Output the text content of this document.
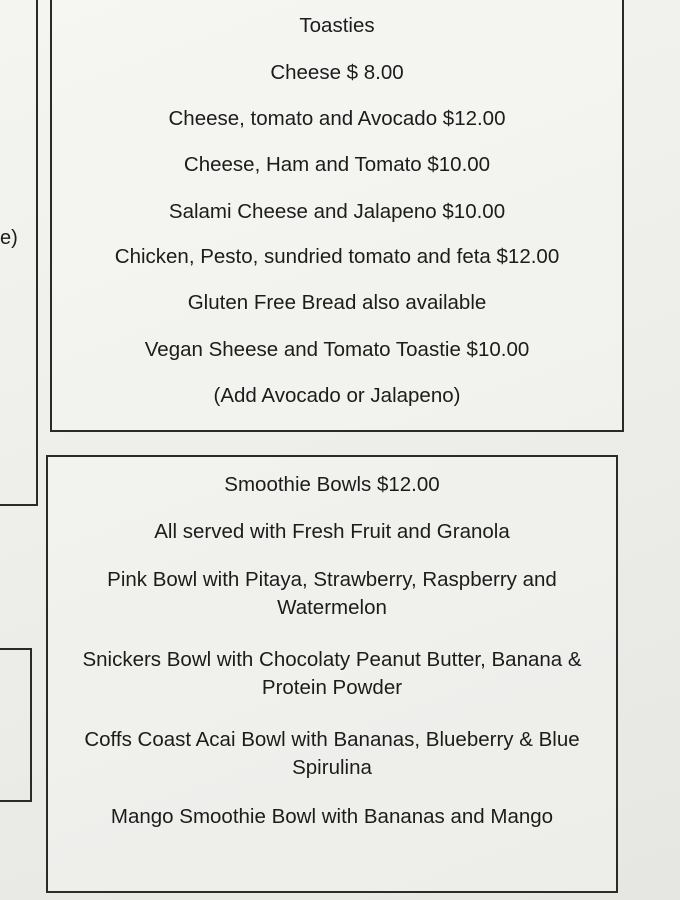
e)
Toasties
Cheese $ 8.00
Cheese, tomato and Avocado $12.00
Cheese, Ham and Tomato $10.00
Salami Cheese and Jalapeno $10.00
Chicken, Pesto, sundried tomato and feta $12.00
Gluten Free Bread also available
Vegan Sheese and Tomato Toastie $10.00
(Add Avocado or Jalapeno)
Smoothie Bowls $12.00
All served with Fresh Fruit and Granola
Pink Bowl with Pitaya, Strawberry, Raspberry and Watermelon
Snickers Bowl with Chocolaty Peanut Butter, Banana & Protein Powder
Coffs Coast Acai Bowl with Bananas, Blueberry & Blue Spirulina
Mango Smoothie Bowl with Bananas and Mango
